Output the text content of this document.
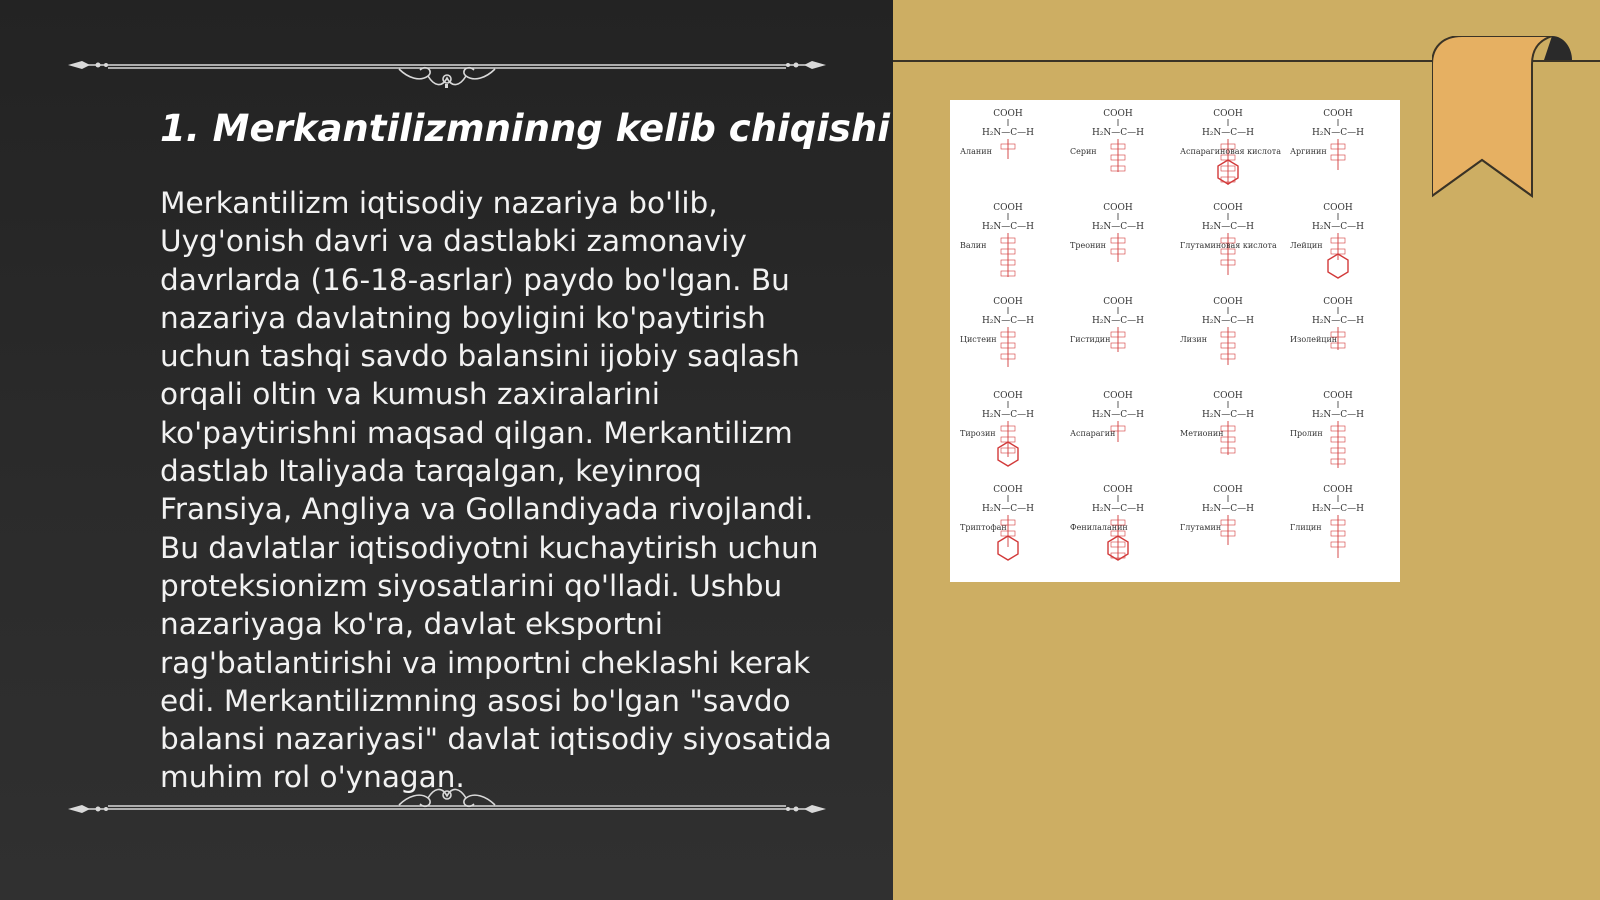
1. Merkantilizmninng kelib chiqishi

Merkantilizm iqtisodiy nazariya bo'lib, Uyg'onish davri va dastlabki zamonaviy davrlarda (16-18-asrlar) paydo bo'lgan. Bu nazariya davlatning boyligini ko'paytirish uchun tashqi savdo balansini ijobiy saqlash orqali oltin va kumush zaxiralarini ko'paytirishni maqsad qilgan. Merkantilizm dastlab Italiyada tarqalgan, keyinroq Fransiya, Angliya va Gollandiyada rivojlandi. Bu davlatlar iqtisodiyotni kuchaytirish uchun proteksionizm siyosatlarini qo'lladi. Ushbu nazariyaga ko'ra, davlat eksportni rag'batlantirishi va importni cheklashi kerak edi. Merkantilizmning asosi bo'lgan "savdo balansi nazariyasi" davlat iqtisodiy siyosatida muhim rol o'ynagan.

COOH
H₂N—C—H
Аланин
COOH
H₂N—C—H
Серин
COOH
H₂N—C—H
Аспарагиновая кислота
COOH
H₂N—C—H
Аргинин
COOH
H₂N—C—H
Валин
COOH
H₂N—C—H
Треонин
COOH
H₂N—C—H
Глутаминовая кислота
COOH
H₂N—C—H
Лейцин
COOH
H₂N—C—H
Цистеин
COOH
H₂N—C—H
Гистидин
COOH
H₂N—C—H
Лизин
COOH
H₂N—C—H
Изолейцин
COOH
H₂N—C—H
Тирозин
COOH
H₂N—C—H
Аспарагин
COOH
H₂N—C—H
Метионин
COOH
H₂N—C—H
Пролин
COOH
H₂N—C—H
Триптофан
COOH
H₂N—C—H
Фенилаланин
COOH
H₂N—C—H
Глутамин
COOH
H₂N—C—H
Глицин
